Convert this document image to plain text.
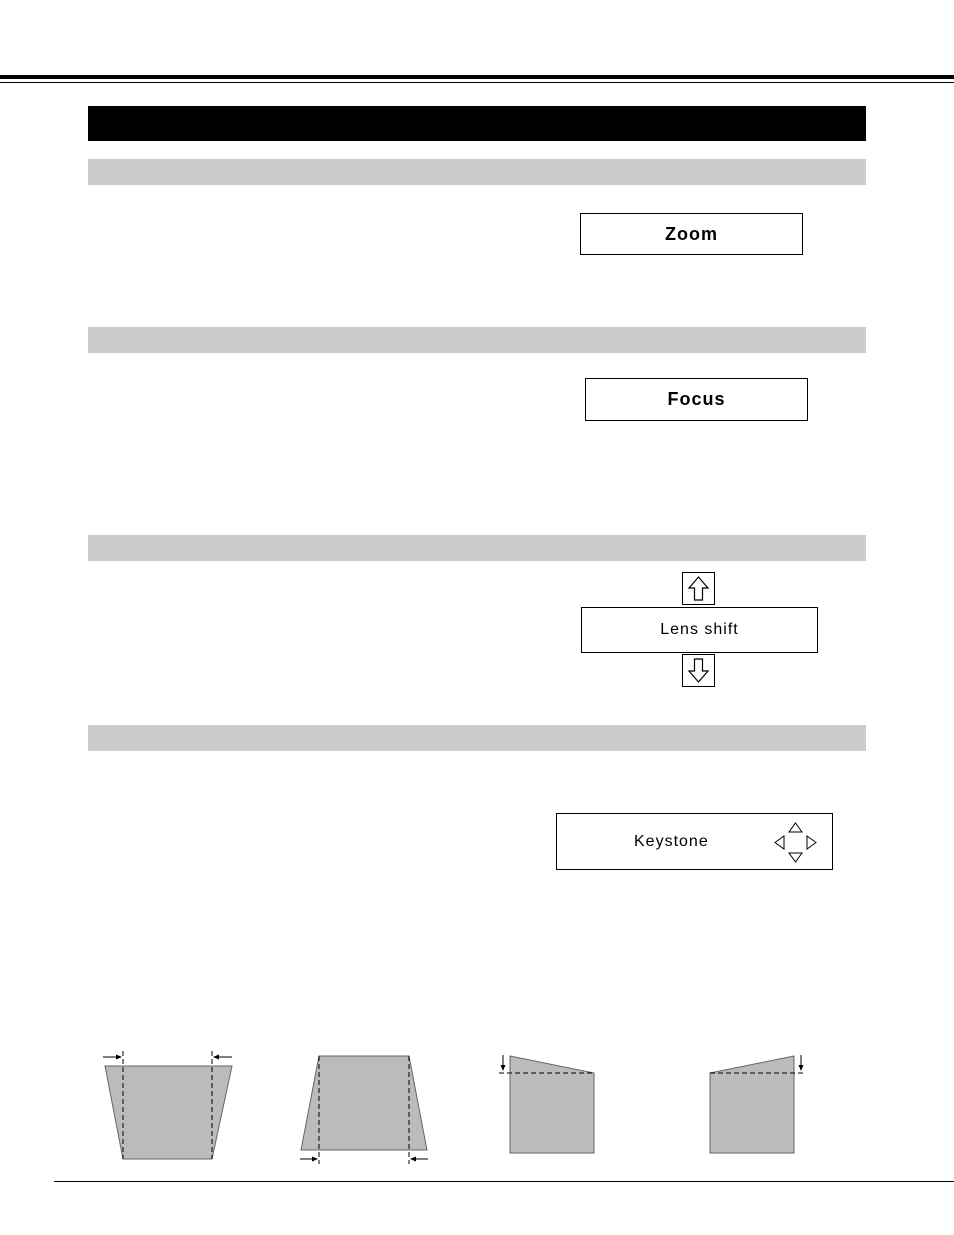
Zoom
Focus
Lens shift
Keystone
